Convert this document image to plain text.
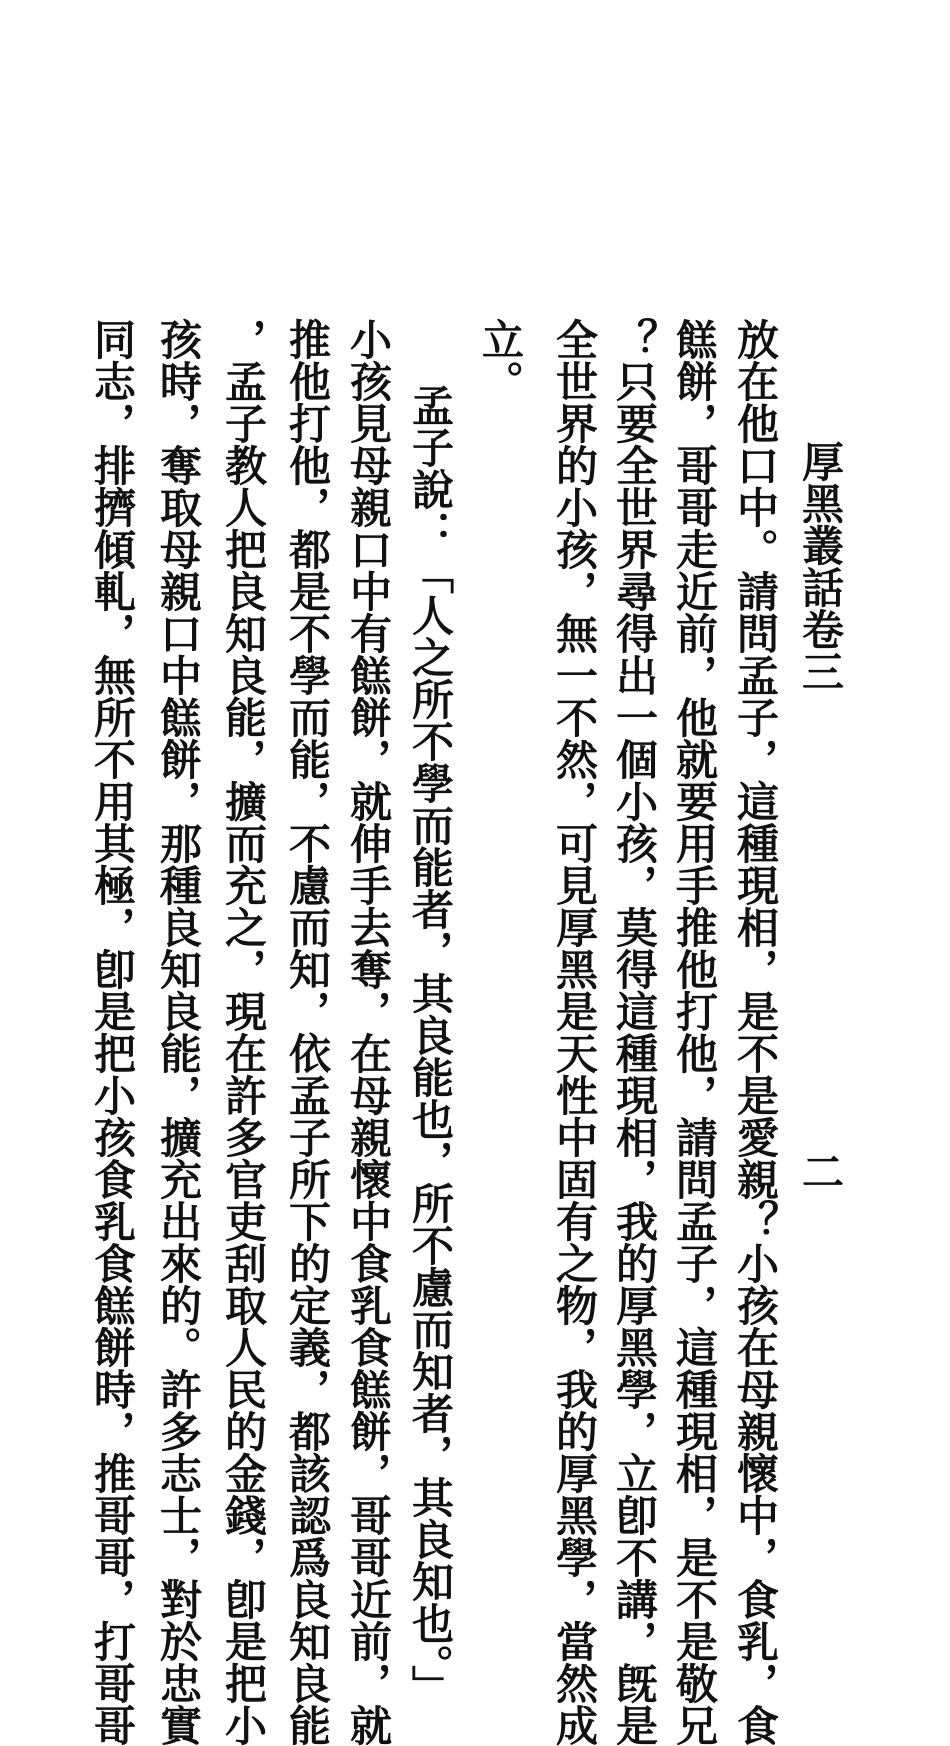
厚黑叢話卷三
二
放在他口中。請問孟子，這種現相，是不是愛親？小孩在母親懷中，食乳，食
餻餅，哥哥走近前，他就要用手推他打他，請問孟子，這種現相，是不是敬兄
？只要全世界尋得出一個小孩，莫得這種現相，我的厚黑學，立卽不講，旣是
全世界的小孩，無一不然，可見厚黑是天性中固有之物，我的厚黑學，當然成
立。
孟子說：「人之所不學而能者，其良能也，所不慮而知者，其良知也。」
小孩見母親口中有餻餅，就伸手去奪，在母親懷中食乳食餻餅，哥哥近前，就
推他打他，都是不學而能，不慮而知，依孟子所下的定義，都該認爲良知良能
，孟子教人把良知良能，擴而充之，現在許多官吏刮取人民的金錢，卽是把小
孩時，奪取母親口中餻餅，那種良知良能，擴充出來的。許多志士，對於忠實
同志，排擠傾軋，無所不用其極，卽是把小孩食乳食餻餅時，推哥哥，打哥哥
